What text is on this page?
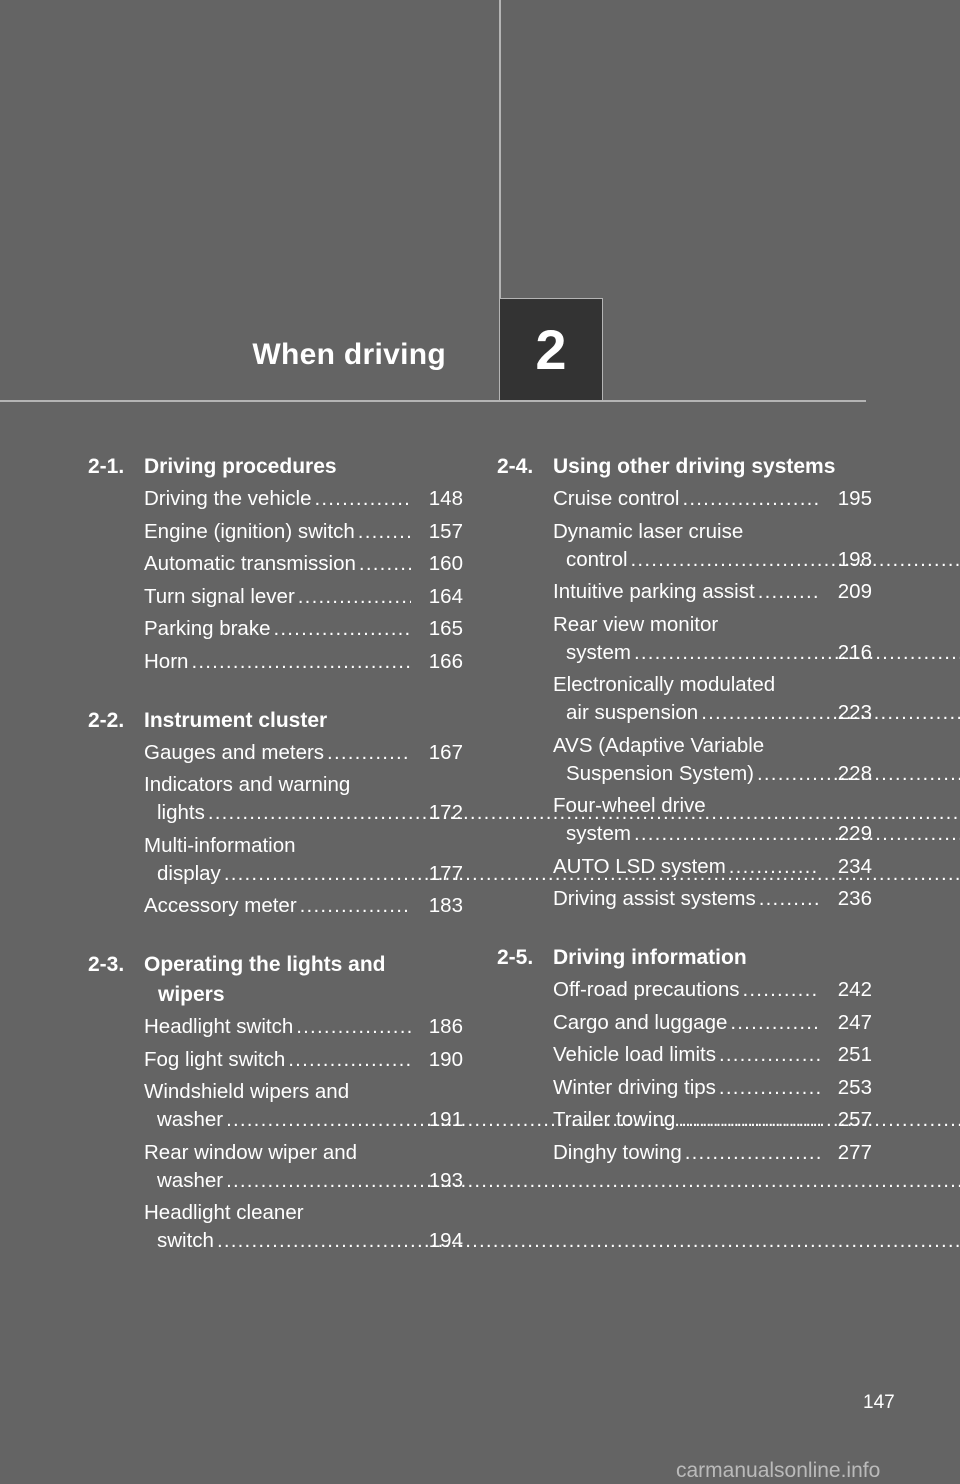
When driving	2
2-1. Driving procedures
Driving the vehicle .....	148
Engine (ignition) switch .....	157
Automatic transmission .....	160
Turn signal lever .....	164
Parking brake .....	165
Horn .....	166
2-2. Instrument cluster
Gauges and meters .....	167
Indicators and warning
lights .....	172
Multi-information
display .....	177
Accessory meter .....	183
2-3. Operating the lights and
wipers
Headlight switch .....	186
Fog light switch .....	190
Windshield wipers and
washer .....	191
Rear window wiper and
washer .....	193
Headlight cleaner
switch .....	194
2-4. Using other driving systems
Cruise control .....	195
Dynamic laser cruise
control .....	198
Intuitive parking assist .....	209
Rear view monitor
system .....	216
Electronically modulated
air suspension .....	223
AVS (Adaptive Variable
Suspension System) .....	228
Four-wheel drive
system .....	229
AUTO LSD system .....	234
Driving assist systems .....	236
2-5. Driving information
Off-road precautions .....	242
Cargo and luggage .....	247
Vehicle load limits .....	251
Winter driving tips .....	253
Trailer towing .....	257
Dinghy towing .....	277
147
carmanualsonline.info
